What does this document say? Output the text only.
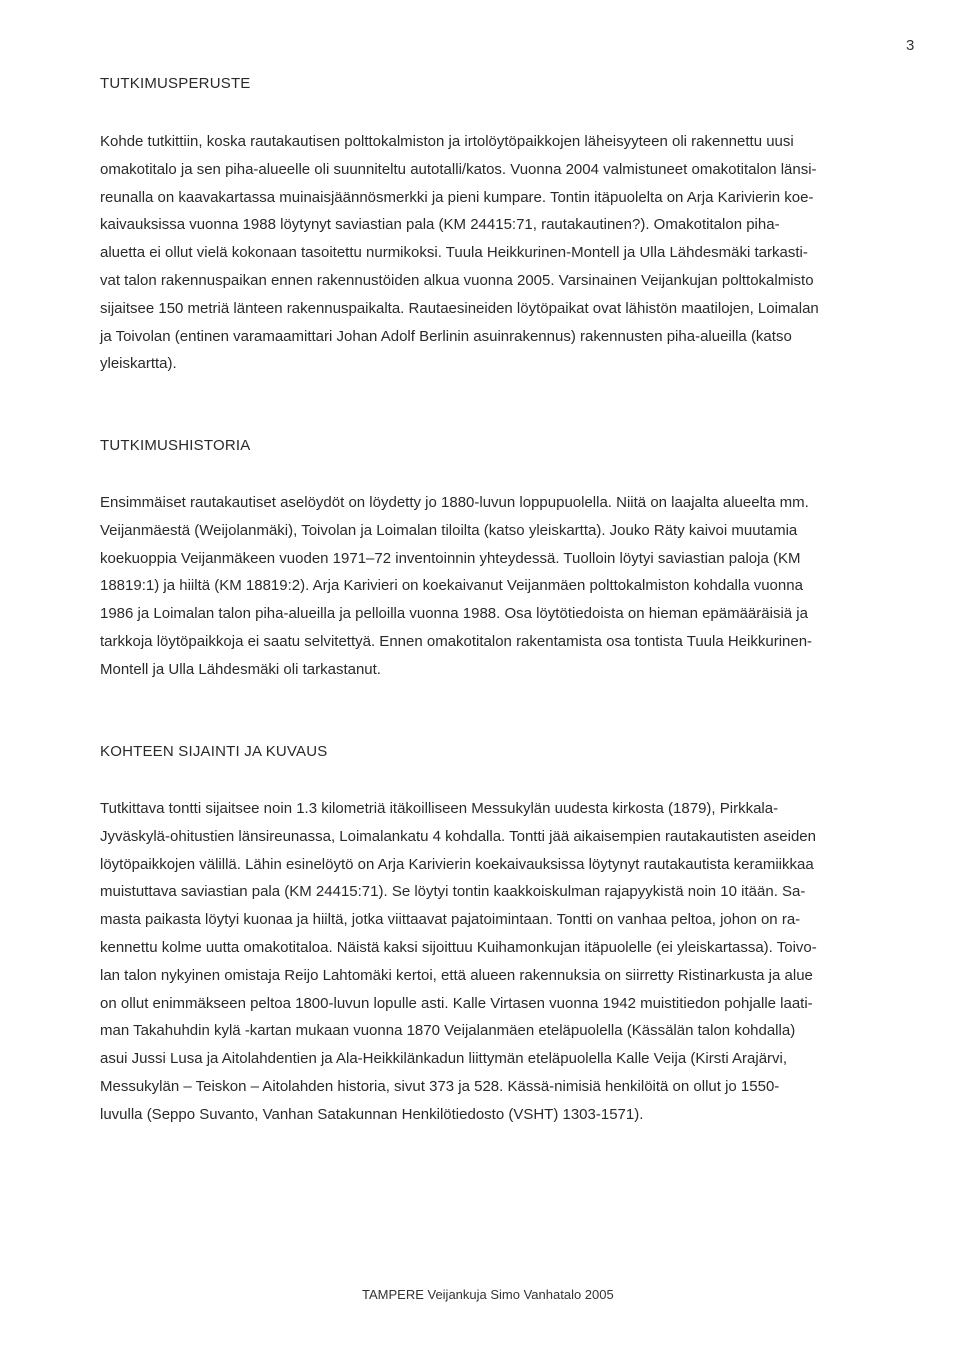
3
TUTKIMUSPERUSTE
Kohde tutkittiin, koska rautakautisen polttokalmiston ja irtolöytöpaikkojen läheisyyteen oli rakennettu uusi
omakotitalo ja sen piha-alueelle oli suunniteltu autotalli/katos. Vuonna 2004 valmistuneet omakotitalon länsi-
reunalla on kaavakartassa muinaisjäännösmerkki ja pieni kumpare. Tontin itäpuolelta on Arja Karivierin koe-
kaivauksissa vuonna 1988 löytynyt saviastian pala (KM 24415:71, rautakautinen?). Omakotitalon piha-
aluetta ei ollut vielä kokonaan tasoitettu nurmikoksi. Tuula Heikkurinen-Montell ja Ulla Lähdesmäki tarkasti-
vat talon rakennuspaikan ennen rakennustöiden alkua vuonna 2005. Varsinainen Veijankujan polttokalmisto
sijaitsee 150 metriä länteen rakennuspaikalta. Rautaesineiden löytöpaikat ovat lähistön maatilojen, Loimalan
ja Toivolan (entinen varamaamittari Johan Adolf Berlinin asuinrakennus) rakennusten piha-alueilla (katso
yleiskartta).
TUTKIMUSHISTORIA
Ensimmäiset rautakautiset aselöydöt on löydetty jo 1880-luvun loppupuolella. Niitä on laajalta alueelta mm.
Veijanmäestä (Weijolanmäki), Toivolan ja Loimalan tiloilta (katso yleiskartta). Jouko Räty kaivoi muutamia
koekuoppia Veijanmäkeen vuoden 1971–72 inventoinnin yhteydessä. Tuolloin löytyi saviastian paloja (KM
18819:1) ja hiiltä (KM 18819:2). Arja Karivieri on koekaivanut Veijanmäen polttokalmiston kohdalla vuonna
1986 ja Loimalan talon piha-alueilla ja pelloilla vuonna 1988. Osa löytötiedoista on hieman epämääräisiä ja
tarkkoja löytöpaikkoja ei saatu selvitettyä. Ennen omakotitalon rakentamista osa tontista Tuula Heikkurinen-
Montell ja Ulla Lähdesmäki oli tarkastanut.
KOHTEEN SIJAINTI JA KUVAUS
Tutkittava tontti sijaitsee noin 1.3 kilometriä itäkoilliseen Messukylän uudesta kirkosta (1879), Pirkkala-
Jyväskylä-ohitustien länsireunassa, Loimalankatu 4 kohdalla. Tontti jää aikaisempien rautakautisten aseiden
löytöpaikkojen välillä. Lähin esinelöytö on Arja Karivierin koekaivauksissa löytynyt rautakautista keramiikkaa
muistuttava saviastian pala (KM 24415:71). Se löytyi tontin kaakkoiskulman rajapyykistä noin 10 itään. Sa-
masta paikasta löytyi kuonaa ja hiiltä, jotka viittaavat pajatoimintaan. Tontti on vanhaa peltoa, johon on ra-
kennettu kolme uutta omakotitaloa. Näistä kaksi sijoittuu Kuihamonkujan itäpuolelle (ei yleiskartassa). Toivo-
lan talon nykyinen omistaja Reijo Lahtomäki kertoi, että alueen rakennuksia on siirretty Ristinarkusta ja alue
on ollut enimmäkseen peltoa 1800-luvun lopulle asti. Kalle Virtasen vuonna 1942 muistitiedon pohjalle laati-
man Takahuhdin kylä -kartan mukaan vuonna 1870 Veijalanmäen eteläpuolella (Kässälän talon kohdalla)
asui Jussi Lusa ja Aitolahdentien ja Ala-Heikkilänkadun liittymän eteläpuolella Kalle Veija (Kirsti Arajärvi,
Messukylän – Teiskon – Aitolahden historia, sivut 373 ja 528. Kässä-nimisiä henkilöitä on ollut jo 1550-
luvulla (Seppo Suvanto, Vanhan Satakunnan Henkilötiedosto (VSHT) 1303-1571).
TAMPERE Veijankuja Simo Vanhatalo 2005
